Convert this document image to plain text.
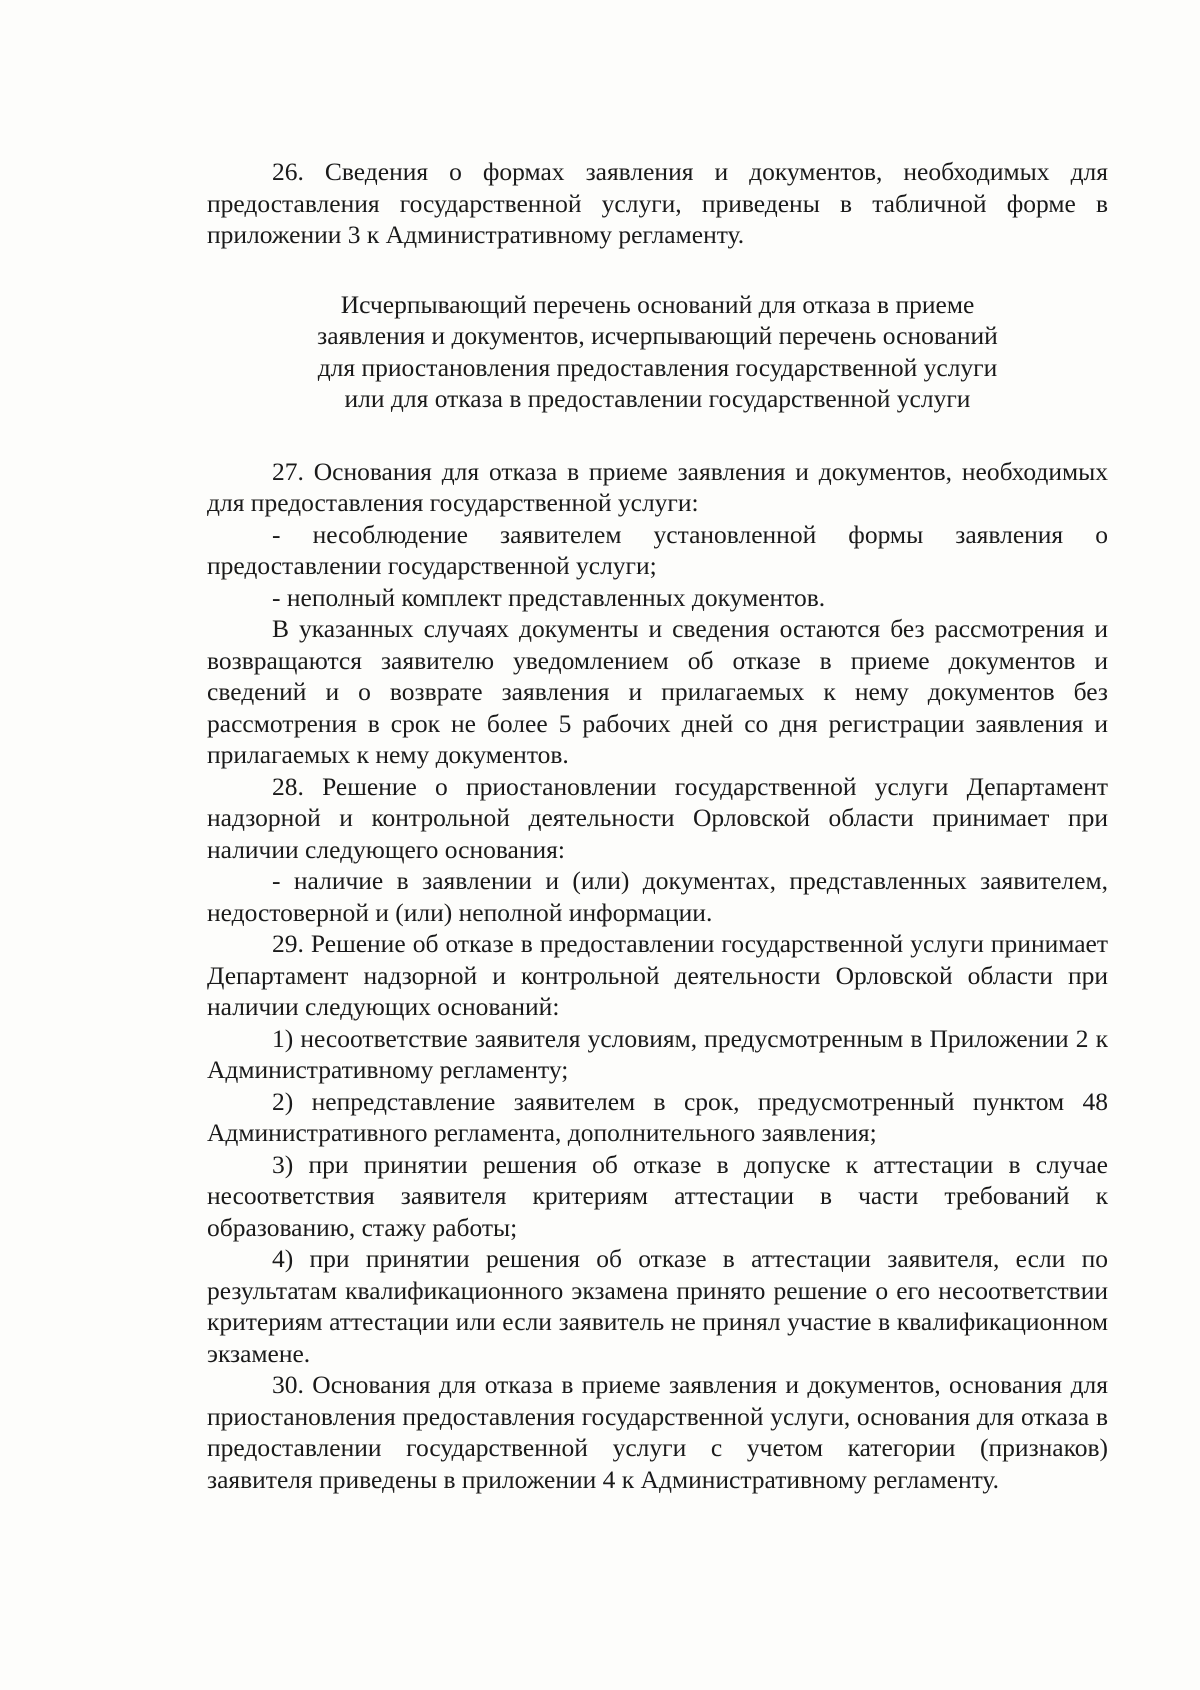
26. Сведения о формах заявления и документов, необходимых для предоставления государственной услуги, приведены в табличной форме в приложении 3 к Административному регламенту.

Исчерпывающий перечень оснований для отказа в приеме
заявления и документов, исчерпывающий перечень оснований
для приостановления предоставления государственной услуги
или для отказа в предоставлении государственной услуги

27. Основания для отказа в приеме заявления и документов, необходимых для предоставления государственной услуги:

- несоблюдение заявителем установленной формы заявления о предоставлении государственной услуги;

- неполный комплект представленных документов.

В указанных случаях документы и сведения остаются без рассмотрения и возвращаются заявителю уведомлением об отказе в приеме документов и сведений и о возврате заявления и прилагаемых к нему документов без рассмотрения в срок не более 5 рабочих дней со дня регистрации заявления и прилагаемых к нему документов.

28. Решение о приостановлении государственной услуги Департамент надзорной и контрольной деятельности Орловской области принимает при наличии следующего основания:

- наличие в заявлении и (или) документах, представленных заявителем, недостоверной и (или) неполной информации.

29. Решение об отказе в предоставлении государственной услуги принимает Департамент надзорной и контрольной деятельности Орловской области при наличии следующих оснований:

1) несоответствие заявителя условиям, предусмотренным в Приложении 2 к Административному регламенту;

2) непредставление заявителем в срок, предусмотренный пунктом 48 Административного регламента, дополнительного заявления;

3) при принятии решения об отказе в допуске к аттестации в случае несоответствия заявителя критериям аттестации в части требований к образованию, стажу работы;

4) при принятии решения об отказе в аттестации заявителя, если по результатам квалификационного экзамена принято решение о его несоответствии критериям аттестации или если заявитель не принял участие в квалификационном экзамене.

30. Основания для отказа в приеме заявления и документов, основания для приостановления предоставления государственной услуги, основания для отказа в предоставлении государственной услуги с учетом категории (признаков) заявителя приведены в приложении 4 к Административному регламенту.
